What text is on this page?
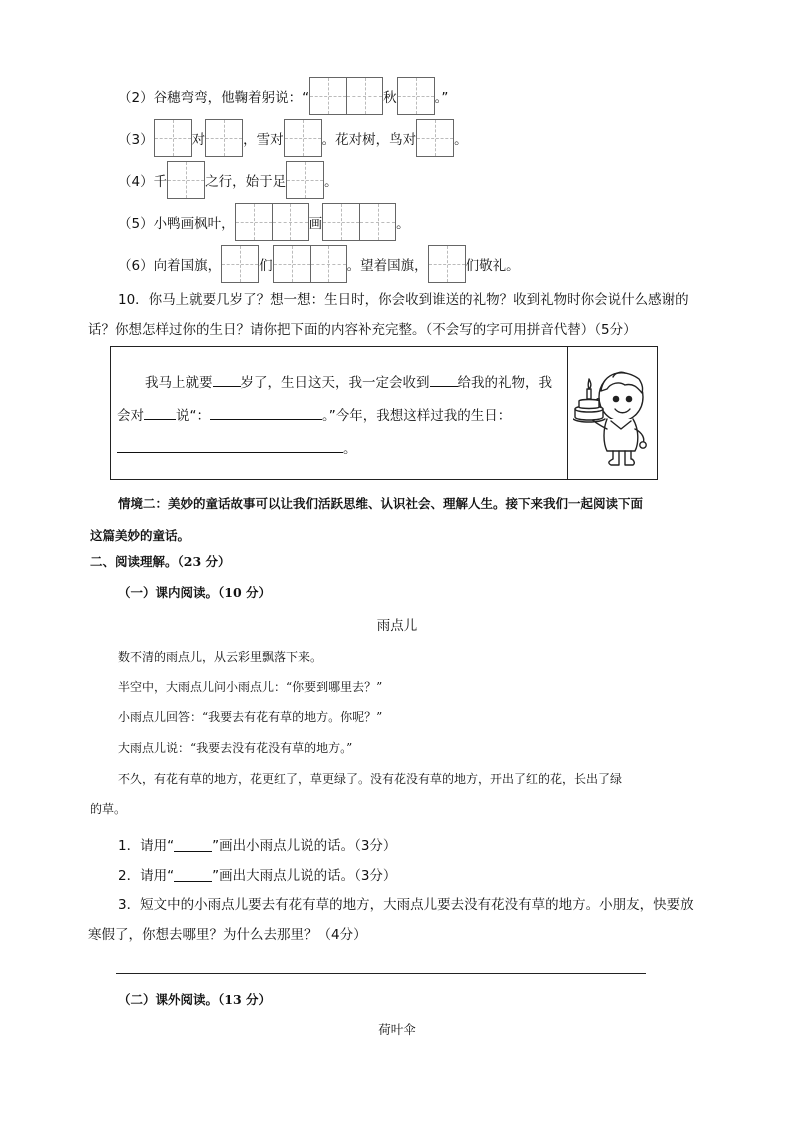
（2）谷穗弯弯，他鞠着躬说：“	秋	。”
（3）	对	，雪对	。花对树，鸟对	。
（4）千	之行，始于足	。
（5）小鸭画枫叶，	画	。
（6）向着国旗，	们	。望着国旗，	们敬礼。
10．你马上就要几岁了？想一想：生日时，你会收到谁送的礼物？收到礼物时你会说什么感谢的
话？你想怎样过你的生日？请你把下面的内容补充完整。（不会写的字可用拼音代替）（5分）
我马上就要 岁了，生日这天，我一定会收到 给我的礼物，我
会对 说“：	。”今年，我想这样过我的生日：
。
情境二：美妙的童话故事可以让我们活跃思维、认识社会、理解人生。接下来我们一起阅读下面
这篇美妙的童话。
二、阅读理解。（23 分）
（一）课内阅读。（10 分）
雨点儿
数不清的雨点儿，从云彩里飘落下来。
半空中，大雨点儿问小雨点儿：“你要到哪里去？”
小雨点儿回答：“我要去有花有草的地方。你呢？”
大雨点儿说：“我要去没有花没有草的地方。”
不久，有花有草的地方，花更红了，草更绿了。没有花没有草的地方，开出了红的花，长出了绿
的草。
1．请用“	”画出小雨点儿说的话。（3分）
2．请用“	”画出大雨点儿说的话。（3分）
3．短文中的小雨点儿要去有花有草的地方，大雨点儿要去没有花没有草的地方。小朋友，快要放
寒假了，你想去哪里？为什么去那里？（4分）
（二）课外阅读。（13 分）
荷叶伞
